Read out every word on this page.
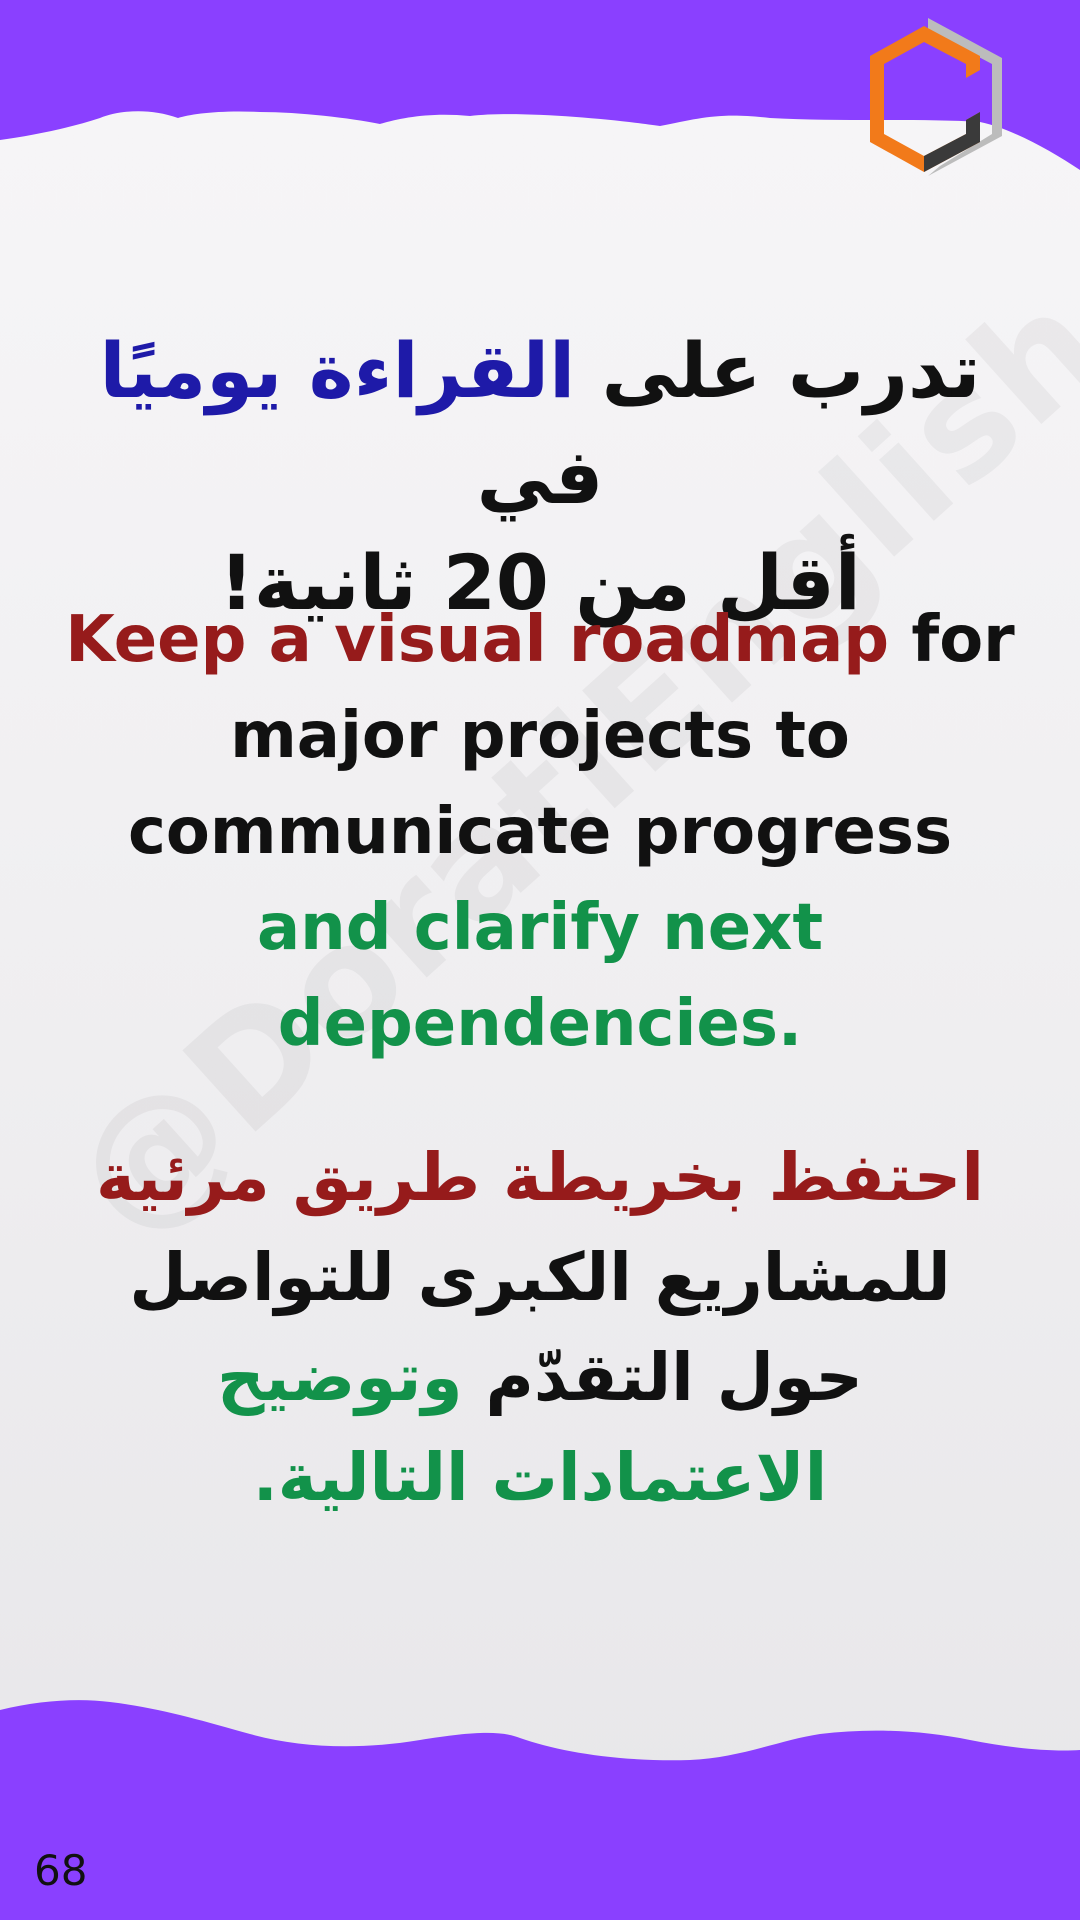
DE
تدرب على القراءة يوميًا في
أقل من 20 ثانية!
Keep a visual roadmap for major projects to communicate progress and clarify next dependencies.
احتفظ بخريطة طريق مرئية للمشاريع الكبرى للتواصل حول التقدّم وتوضيح الاعتمادات التالية.
68
